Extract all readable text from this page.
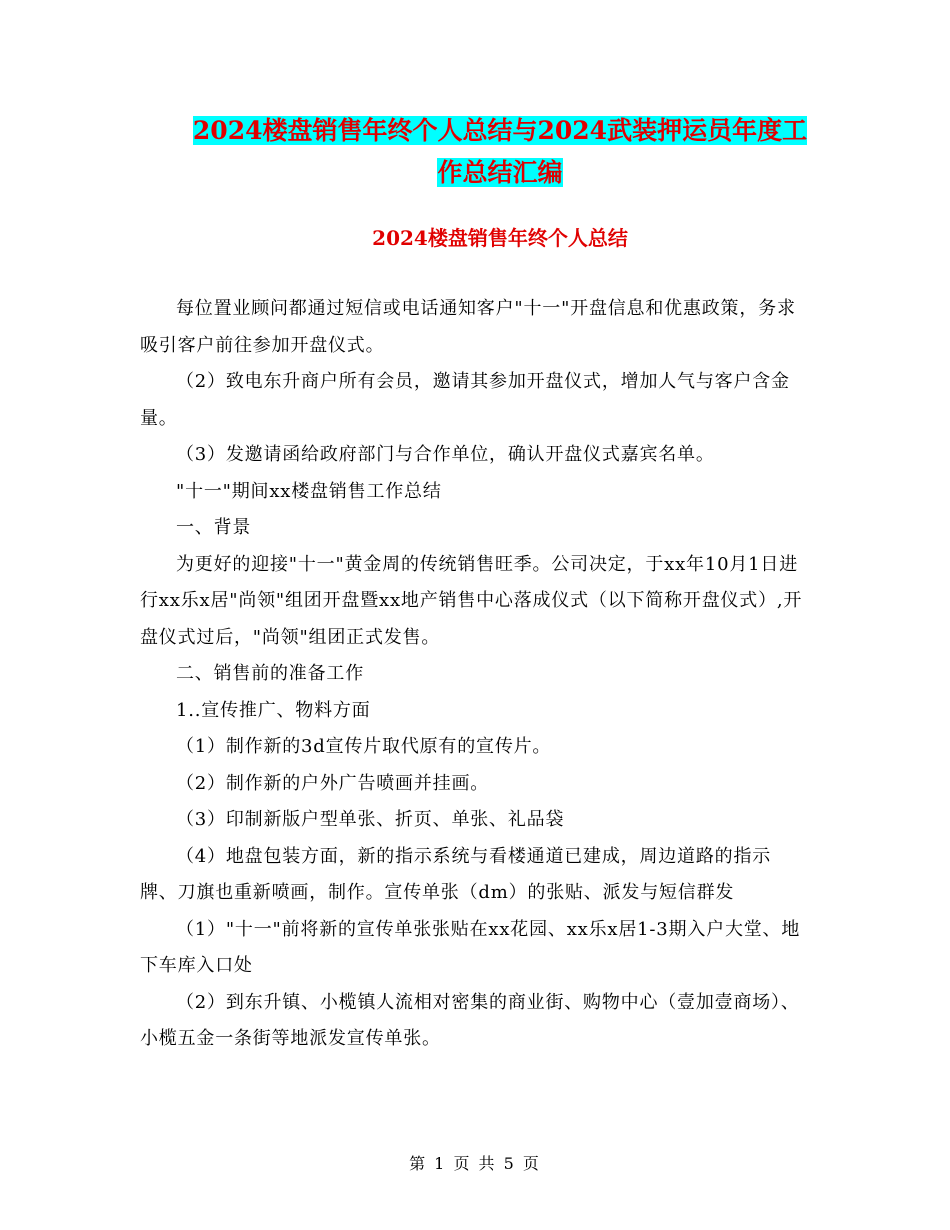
2024楼盘销售年终个人总结与2024武装押运员年度工
作总结汇编
2024楼盘销售年终个人总结

每位置业顾问都通过短信或电话通知客户"十一"开盘信息和优惠政策，务求吸引客户前往参加开盘仪式。

（2）致电东升商户所有会员，邀请其参加开盘仪式，增加人气与客户含金量。

（3）发邀请函给政府部门与合作单位，确认开盘仪式嘉宾名单。

"十一"期间xx楼盘销售工作总结

一、背景

为更好的迎接"十一"黄金周的传统销售旺季。公司决定，于xx年10月1日进行xx乐x居"尚领"组团开盘暨xx地产销售中心落成仪式（以下简称开盘仪式）,开盘仪式过后，"尚领"组团正式发售。

二、销售前的准备工作

1..宣传推广、物料方面

（1）制作新的3d宣传片取代原有的宣传片。

（2）制作新的户外广告喷画并挂画。

（3）印制新版户型单张、折页、单张、礼品袋

（4）地盘包装方面，新的指示系统与看楼通道已建成，周边道路的指示牌、刀旗也重新喷画，制作。宣传单张（dm）的张贴、派发与短信群发

（1）"十一"前将新的宣传单张张贴在xx花园、xx乐x居1-3期入户大堂、地下车库入口处

（2）到东升镇、小榄镇人流相对密集的商业街、购物中心（壹加壹商场）、小榄五金一条街等地派发宣传单张。

第 1 页 共 5 页
